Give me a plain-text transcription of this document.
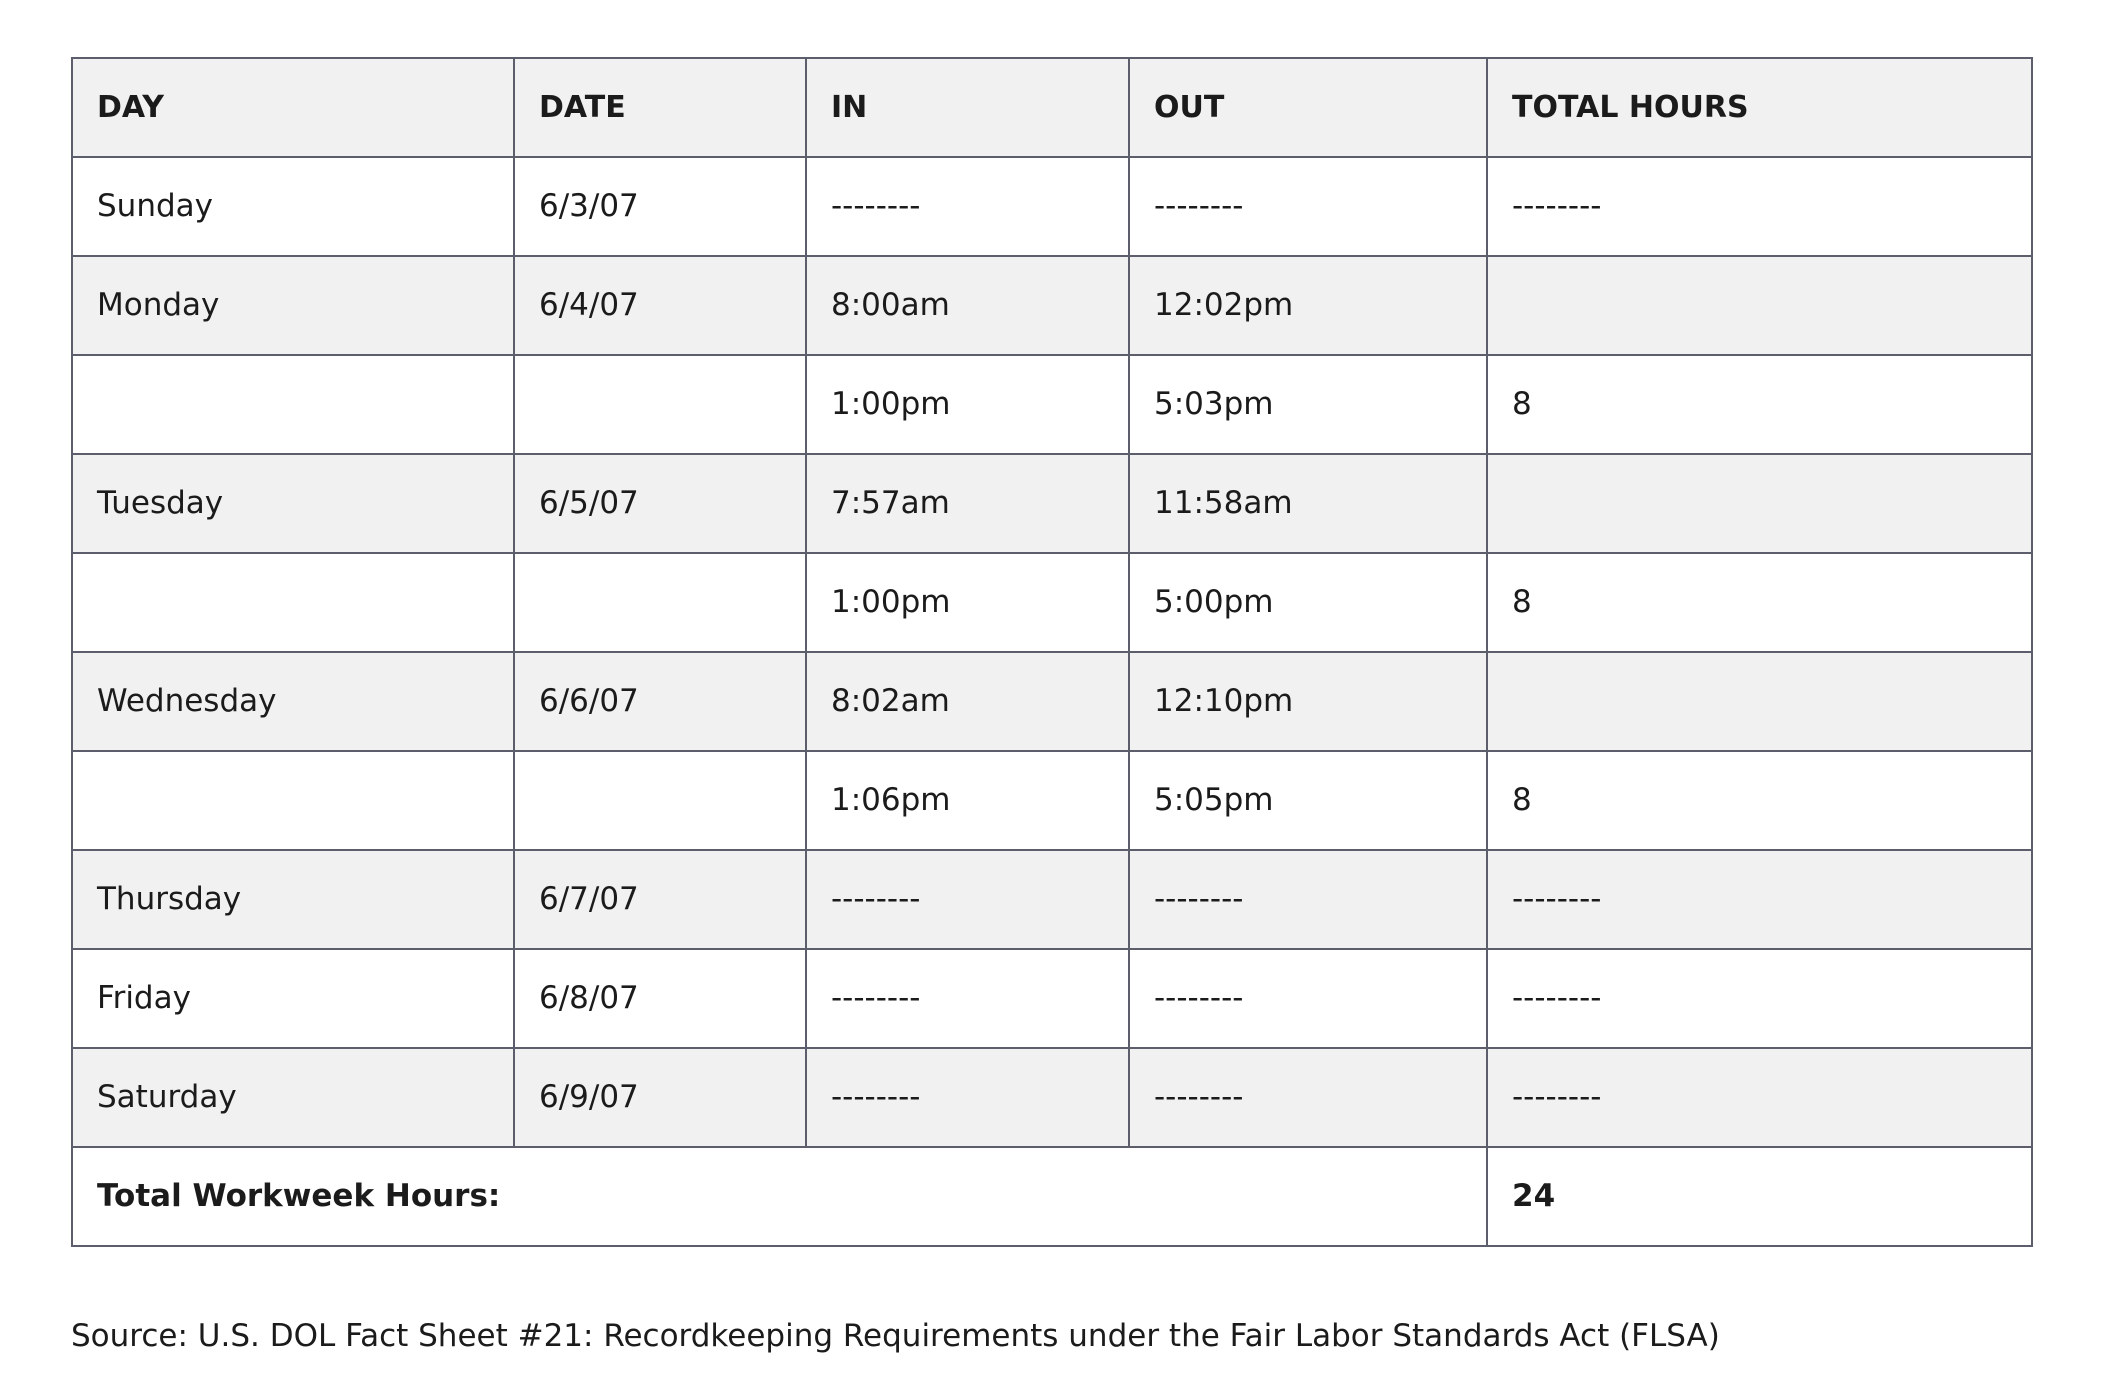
DAY	DATE	IN	OUT	TOTAL HOURS
Sunday	6/3/07	--------	--------	--------
Monday	6/4/07	8:00am	12:02pm	
		1:00pm	5:03pm	8
Tuesday	6/5/07	7:57am	11:58am	
		1:00pm	5:00pm	8
Wednesday	6/6/07	8:02am	12:10pm	
		1:06pm	5:05pm	8
Thursday	6/7/07	--------	--------	--------
Friday	6/8/07	--------	--------	--------
Saturday	6/9/07	--------	--------	--------
Total Workweek Hours:				24
Source: U.S. DOL Fact Sheet #21: Recordkeeping Requirements under the Fair Labor Standards Act (FLSA)
